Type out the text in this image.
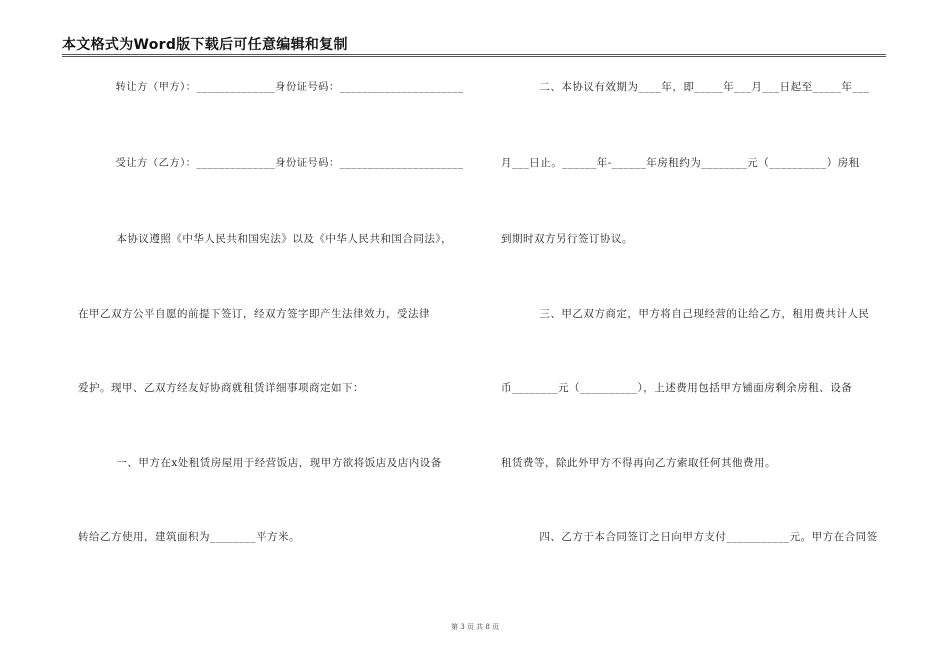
本文格式为Word版下载后可任意编辑和复制
转让方（甲方）：______________身份证号码：______________________
受让方（乙方）：______________身份证号码：______________________
本协议遵照《中华人民共和国宪法》以及《中华人民共和国合同法》，
在甲乙双方公平自愿的前提下签订，经双方签字即产生法律效力，受法律
爱护。现甲、乙双方经友好协商就租赁详细事项商定如下：
一、甲方在x处租赁房屋用于经营饭店，现甲方欲将饭店及店内设备
转给乙方使用，建筑面积为________平方米。
二、本协议有效期为____年，即_____年___月___日起至_____年___
月___日止。______年-______年房租约为________元（__________）房租
到期时双方另行签订协议。
三、甲乙双方商定，甲方将自己现经营的让给乙方，租用费共计人民
币________元（__________），上述费用包括甲方铺面房剩余房租、设备
租赁费等，除此外甲方不得再向乙方索取任何其他费用。
四、乙方于本合同签订之日向甲方支付___________元。甲方在合同签
第 3 页 共 8 页
